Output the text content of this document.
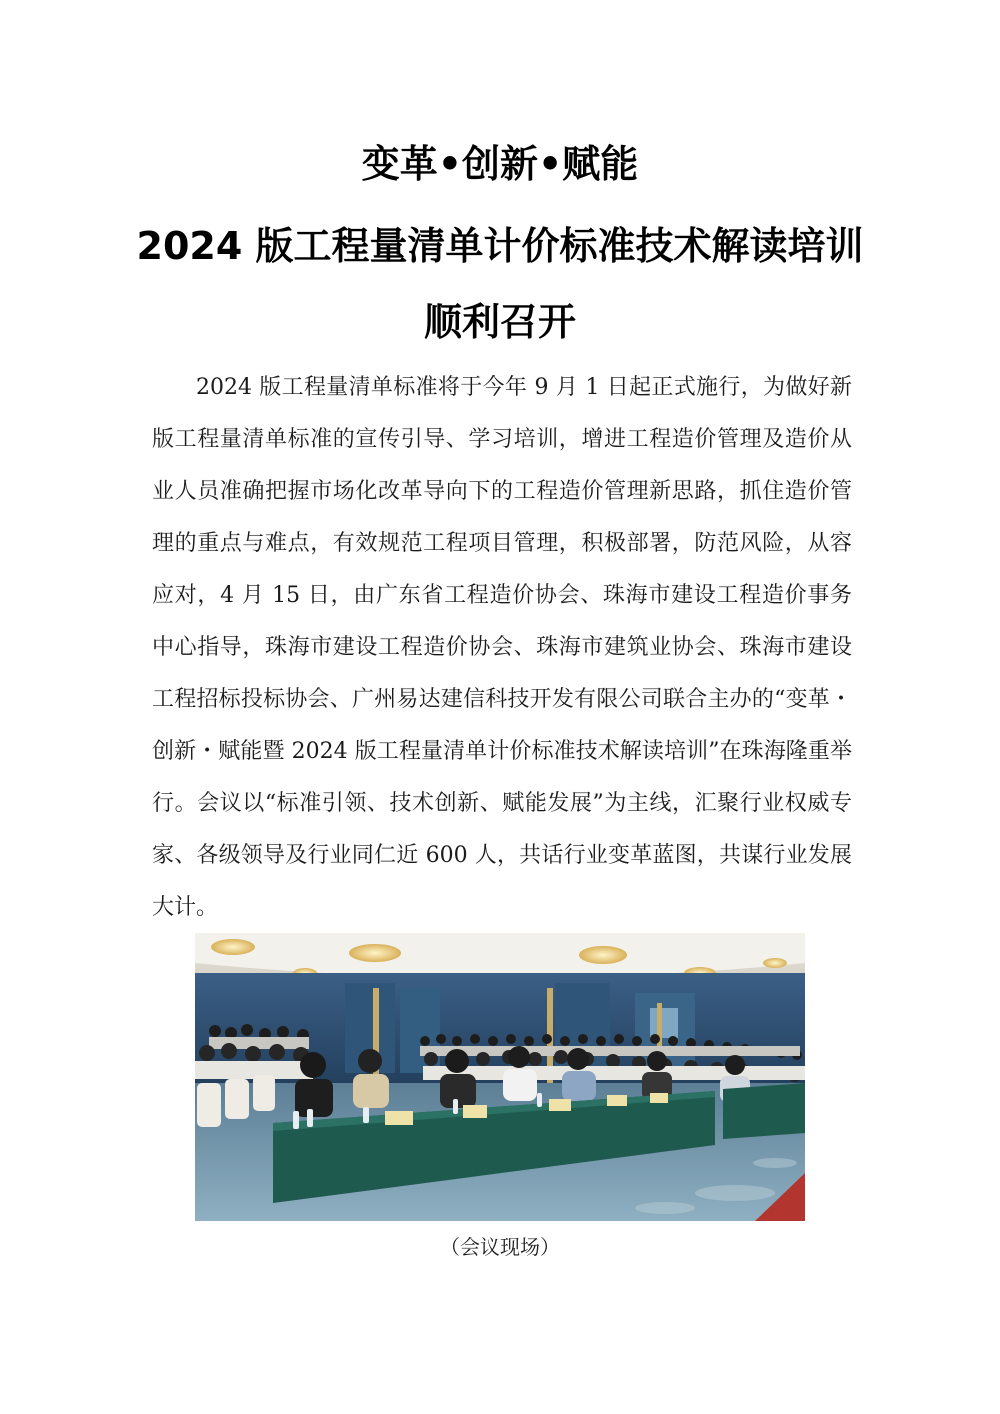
变革•创新•赋能
2024 版工程量清单计价标准技术解读培训
顺利召开

2024 版工程量清单标准将于今年 9 月 1 日起正式施行，为做好新版工程量清单标准的宣传引导、学习培训，增进工程造价管理及造价从业人员准确把握市场化改革导向下的工程造价管理新思路，抓住造价管理的重点与难点，有效规范工程项目管理，积极部署，防范风险，从容应对，4 月 15 日，由广东省工程造价协会、珠海市建设工程造价事务中心指导，珠海市建设工程造价协会、珠海市建筑业协会、珠海市建设工程招标投标协会、广州易达建信科技开发有限公司联合主办的“变革・创新・赋能暨 2024 版工程量清单计价标准技术解读培训”在珠海隆重举行。会议以“标准引领、技术创新、赋能发展”为主线，汇聚行业权威专家、各级领导及行业同仁近 600 人，共话行业变革蓝图，共谋行业发展大计。

（会议现场）
